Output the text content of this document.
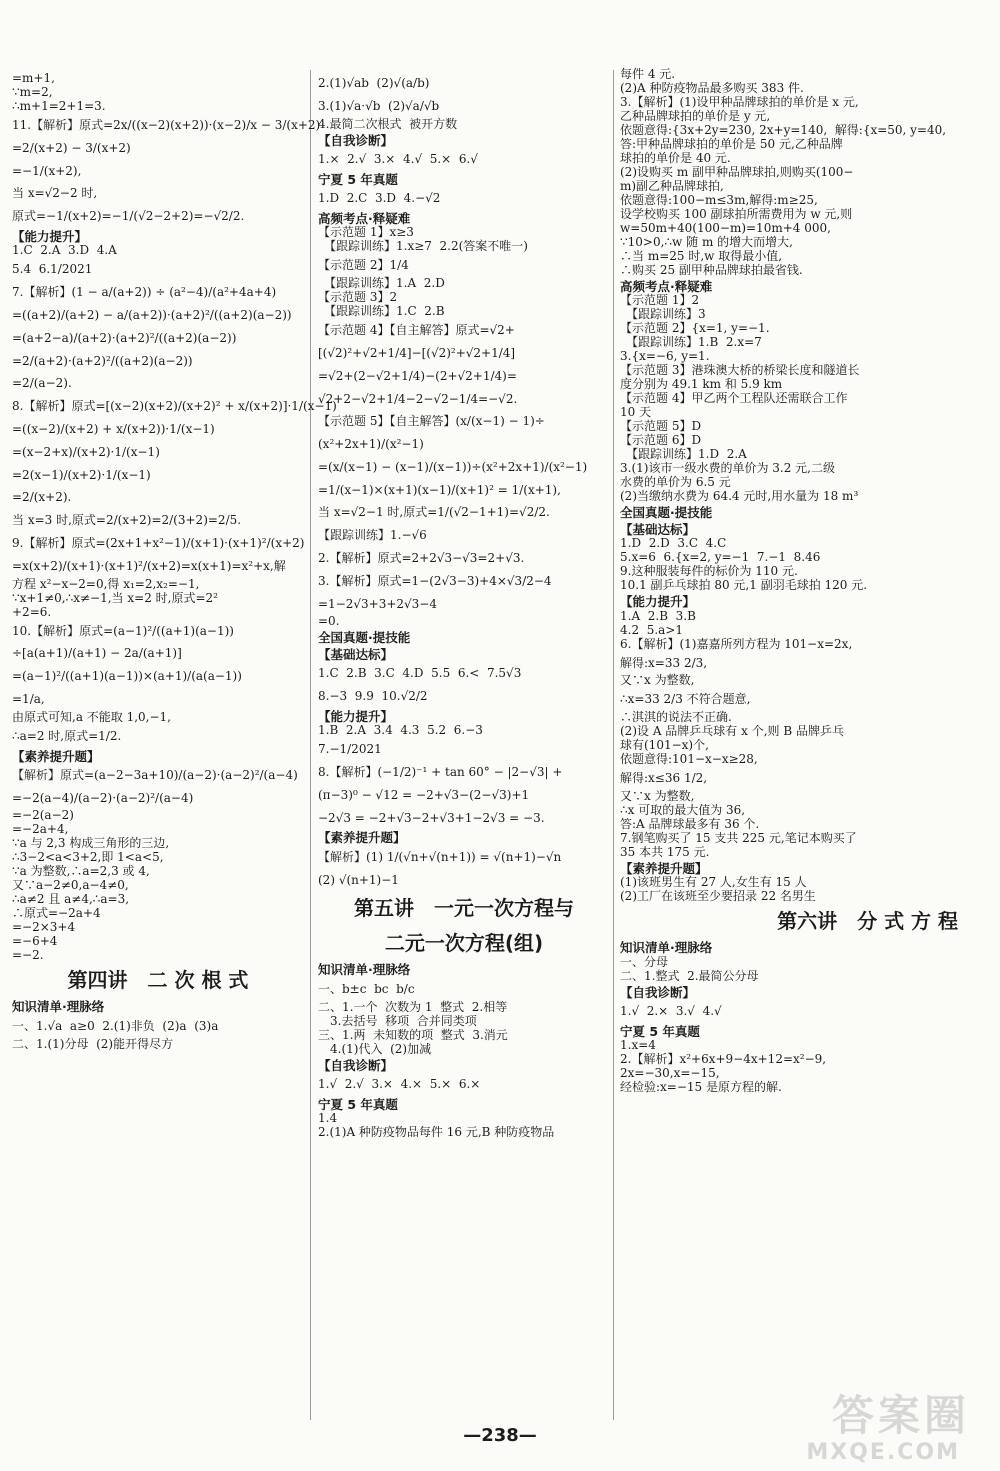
=m+1,
∵m=2,
∴m+1=2+1=3.
11.【解析】原式=2x/((x−2)(x+2))·(x−2)/x − 3/(x+2)
=2/(x+2) − 3/(x+2)
=−1/(x+2),
当 x=√2−2 时,
原式=−1/(x+2)=−1/(√2−2+2)=−√2/2.
【能力提升】
1.C  2.A  3.D  4.A
5.4  6.1/2021
7.【解析】(1 − a/(a+2)) ÷ (a²−4)/(a²+4a+4)
=((a+2)/(a+2) − a/(a+2))·(a+2)²/((a+2)(a−2))
=(a+2−a)/(a+2)·(a+2)²/((a+2)(a−2))
=2/(a+2)·(a+2)²/((a+2)(a−2))
=2/(a−2).
8.【解析】原式=[(x−2)(x+2)/(x+2)² + x/(x+2)]·1/(x−1)
=((x−2)/(x+2) + x/(x+2))·1/(x−1)
=(x−2+x)/(x+2)·1/(x−1)
=2(x−1)/(x+2)·1/(x−1)
=2/(x+2).
当 x=3 时,原式=2/(x+2)=2/(3+2)=2/5.
9.【解析】原式=(2x+1+x²−1)/(x+1)·(x+1)²/(x+2)
=x(x+2)/(x+1)·(x+1)²/(x+2)=x(x+1)=x²+x,解
方程 x²−x−2=0,得 x₁=2,x₂=−1,
∵x+1≠0,∴x≠−1,当 x=2 时,原式=2²
+2=6.
10.【解析】原式=(a−1)²/((a+1)(a−1))
÷[a(a+1)/(a+1) − 2a/(a+1)]
=(a−1)²/((a+1)(a−1))×(a+1)/(a(a−1))
=1/a,
由原式可知,a 不能取 1,0,−1,
∴a=2 时,原式=1/2.
【素养提升题】
【解析】原式=(a−2−3a+10)/(a−2)·(a−2)²/(a−4)
=−2(a−4)/(a−2)·(a−2)²/(a−4)
=−2(a−2)
=−2a+4,
∵a 与 2,3 构成三角形的三边,
∴3−2<a<3+2,即 1<a<5,
∵a 为整数,∴a=2,3 或 4,
又∵a−2≠0,a−4≠0,
∴a≠2 且 a≠4,∴a=3,
∴原式=−2a+4
=−2×3+4
=−6+4
=−2.
第四讲　二 次 根 式
知识清单·理脉络
一、1.√a  a≥0  2.(1)非负  (2)a  (3)a
二、1.(1)分母  (2)能开得尽方
2.(1)√ab  (2)√(a/b)
3.(1)√a·√b  (2)√a/√b
4.最简二次根式  被开方数
【自我诊断】
1.×  2.√  3.×  4.√  5.×  6.√
宁夏 5 年真题
1.D  2.C  3.D  4.−√2
高频考点·释疑难
【示范题 1】x≥3
　【跟踪训练】1.x≥7  2.2(答案不唯一)
【示范题 2】1/4
　【跟踪训练】1.A  2.D
【示范题 3】2
　【跟踪训练】1.C  2.B
【示范题 4】【自主解答】原式=√2+
[(√2)²+√2+1/4]−[(√2)²+√2+1/4]
=√2+(2−√2+1/4)−(2+√2+1/4)=
√2+2−√2+1/4−2−√2−1/4=−√2.
【示范题 5】【自主解答】(x/(x−1) − 1)÷
(x²+2x+1)/(x²−1)
=(x/(x−1) − (x−1)/(x−1))÷(x²+2x+1)/(x²−1)
=1/(x−1)×(x+1)(x−1)/(x+1)² = 1/(x+1),
当 x=√2−1 时,原式=1/(√2−1+1)=√2/2.
【跟踪训练】1.−√6
2.【解析】原式=2+2√3−√3=2+√3.
3.【解析】原式=1−(2√3−3)+4×√3/2−4
=1−2√3+3+2√3−4
=0.
全国真题·提技能
【基础达标】
1.C  2.B  3.C  4.D  5.5  6.<  7.5√3
8.−3  9.9  10.√2/2
【能力提升】
1.B  2.A  3.4  4.3  5.2  6.−3
7.−1/2021
8.【解析】(−1/2)⁻¹ + tan 60° − |2−√3| +
(π−3)⁰ − √12 = −2+√3−(2−√3)+1
−2√3 = −2+√3−2+√3+1−2√3 = −3.
【素养提升题】
【解析】(1) 1/(√n+√(n+1)) = √(n+1)−√n
(2) √(n+1)−1
第五讲　一元一次方程与
二元一次方程(组)
知识清单·理脉络
一、b±c  bc  b/c
二、1.一个  次数为 1  整式  2.相等
　3.去括号  移项  合并同类项
三、1.两  未知数的项  整式  3.消元
　4.(1)代入  (2)加减
【自我诊断】
1.√  2.√  3.×  4.×  5.×  6.×
宁夏 5 年真题
1.4
2.(1)A 种防疫物品每件 16 元,B 种防疫物品
每件 4 元.
(2)A 种防疫物品最多购买 383 件.
3.【解析】(1)设甲种品牌球拍的单价是 x 元,
乙种品牌球拍的单价是 y 元,
依题意得:{3x+2y=230, 2x+y=140,  解得:{x=50, y=40,
答:甲种品牌球拍的单价是 50 元,乙种品牌
球拍的单价是 40 元.
(2)设购买 m 副甲种品牌球拍,则购买(100−
m)副乙种品牌球拍,
依题意得:100−m≤3m,解得:m≥25,
设学校购买 100 副球拍所需费用为 w 元,则
w=50m+40(100−m)=10m+4 000,
∵10>0,∴w 随 m 的增大而增大,
∴当 m=25 时,w 取得最小值,
∴购买 25 副甲种品牌球拍最省钱.
高频考点·释疑难
【示范题 1】2
　【跟踪训练】3
【示范题 2】{x=1, y=−1.
　【跟踪训练】1.B  2.x=7
3.{x=−6, y=1.
【示范题 3】港珠澳大桥的桥梁长度和隧道长
度分别为 49.1 km 和 5.9 km
【示范题 4】甲乙两个工程队还需联合工作
10 天
【示范题 5】D
【示范题 6】D
　【跟踪训练】1.D  2.A
3.(1)该市一级水费的单价为 3.2 元,二级
水费的单价为 6.5 元
(2)当缴纳水费为 64.4 元时,用水量为 18 m³
全国真题·提技能
【基础达标】
1.D  2.D  3.C  4.C
5.x=6  6.{x=2, y=−1  7.−1  8.46
9.这种服装每件的标价为 110 元.
10.1 副乒乓球拍 80 元,1 副羽毛球拍 120 元.
【能力提升】
1.A  2.B  3.B
4.2  5.a>1
6.【解析】(1)嘉嘉所列方程为 101−x=2x,
解得:x=33 2/3,
又∵x 为整数,
∴x=33 2/3 不符合题意,
∴淇淇的说法不正确.
(2)设 A 品牌乒乓球有 x 个,则 B 品牌乒乓
球有(101−x)个,
依题意得:101−x−x≥28,
解得:x≤36 1/2,
又∵x 为整数,
∴x 可取的最大值为 36,
答:A 品牌球最多有 36 个.
7.钢笔购买了 15 支共 225 元,笔记本购买了
35 本共 175 元.
【素养提升题】
(1)该班男生有 27 人,女生有 15 人
(2)工厂在该班至少要招录 22 名男生
第六讲　分 式 方 程
知识清单·理脉络
一、分母
二、1.整式  2.最简公分母
【自我诊断】
1.√  2.×  3.√  4.√
宁夏 5 年真题
1.x=4
2.【解析】x²+6x+9−4x+12=x²−9,
2x=−30,x=−15,
经检验:x=−15 是原方程的解.
—238—	答案圈
MXQE.COM
